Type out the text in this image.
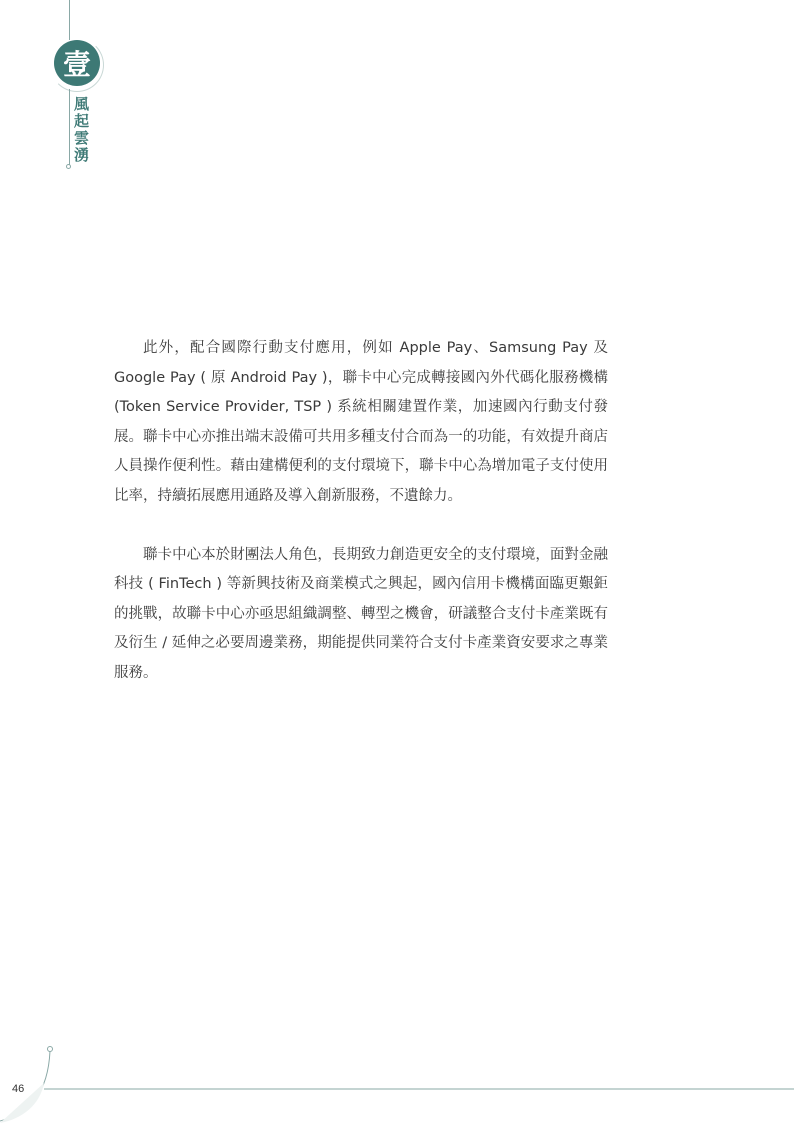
壹
風起雲湧

此外，配合國際行動支付應用，例如 Apple Pay、Samsung Pay 及 Google Pay ( 原 Android Pay )，聯卡中心完成轉接國內外代碼化服務機構 (Token Service Provider, TSP ) 系統相關建置作業，加速國內行動支付發展。聯卡中心亦推出端末設備可共用多種支付合而為一的功能，有效提升商店人員操作便利性。藉由建構便利的支付環境下，聯卡中心為增加電子支付使用比率，持續拓展應用通路及導入創新服務，不遺餘力。

聯卡中心本於財團法人角色，長期致力創造更安全的支付環境，面對金融科技 ( FinTech ) 等新興技術及商業模式之興起，國內信用卡機構面臨更艱鉅的挑戰，故聯卡中心亦亟思組織調整、轉型之機會，研議整合支付卡產業既有及衍生 / 延伸之必要周邊業務，期能提供同業符合支付卡產業資安要求之專業服務。

46
